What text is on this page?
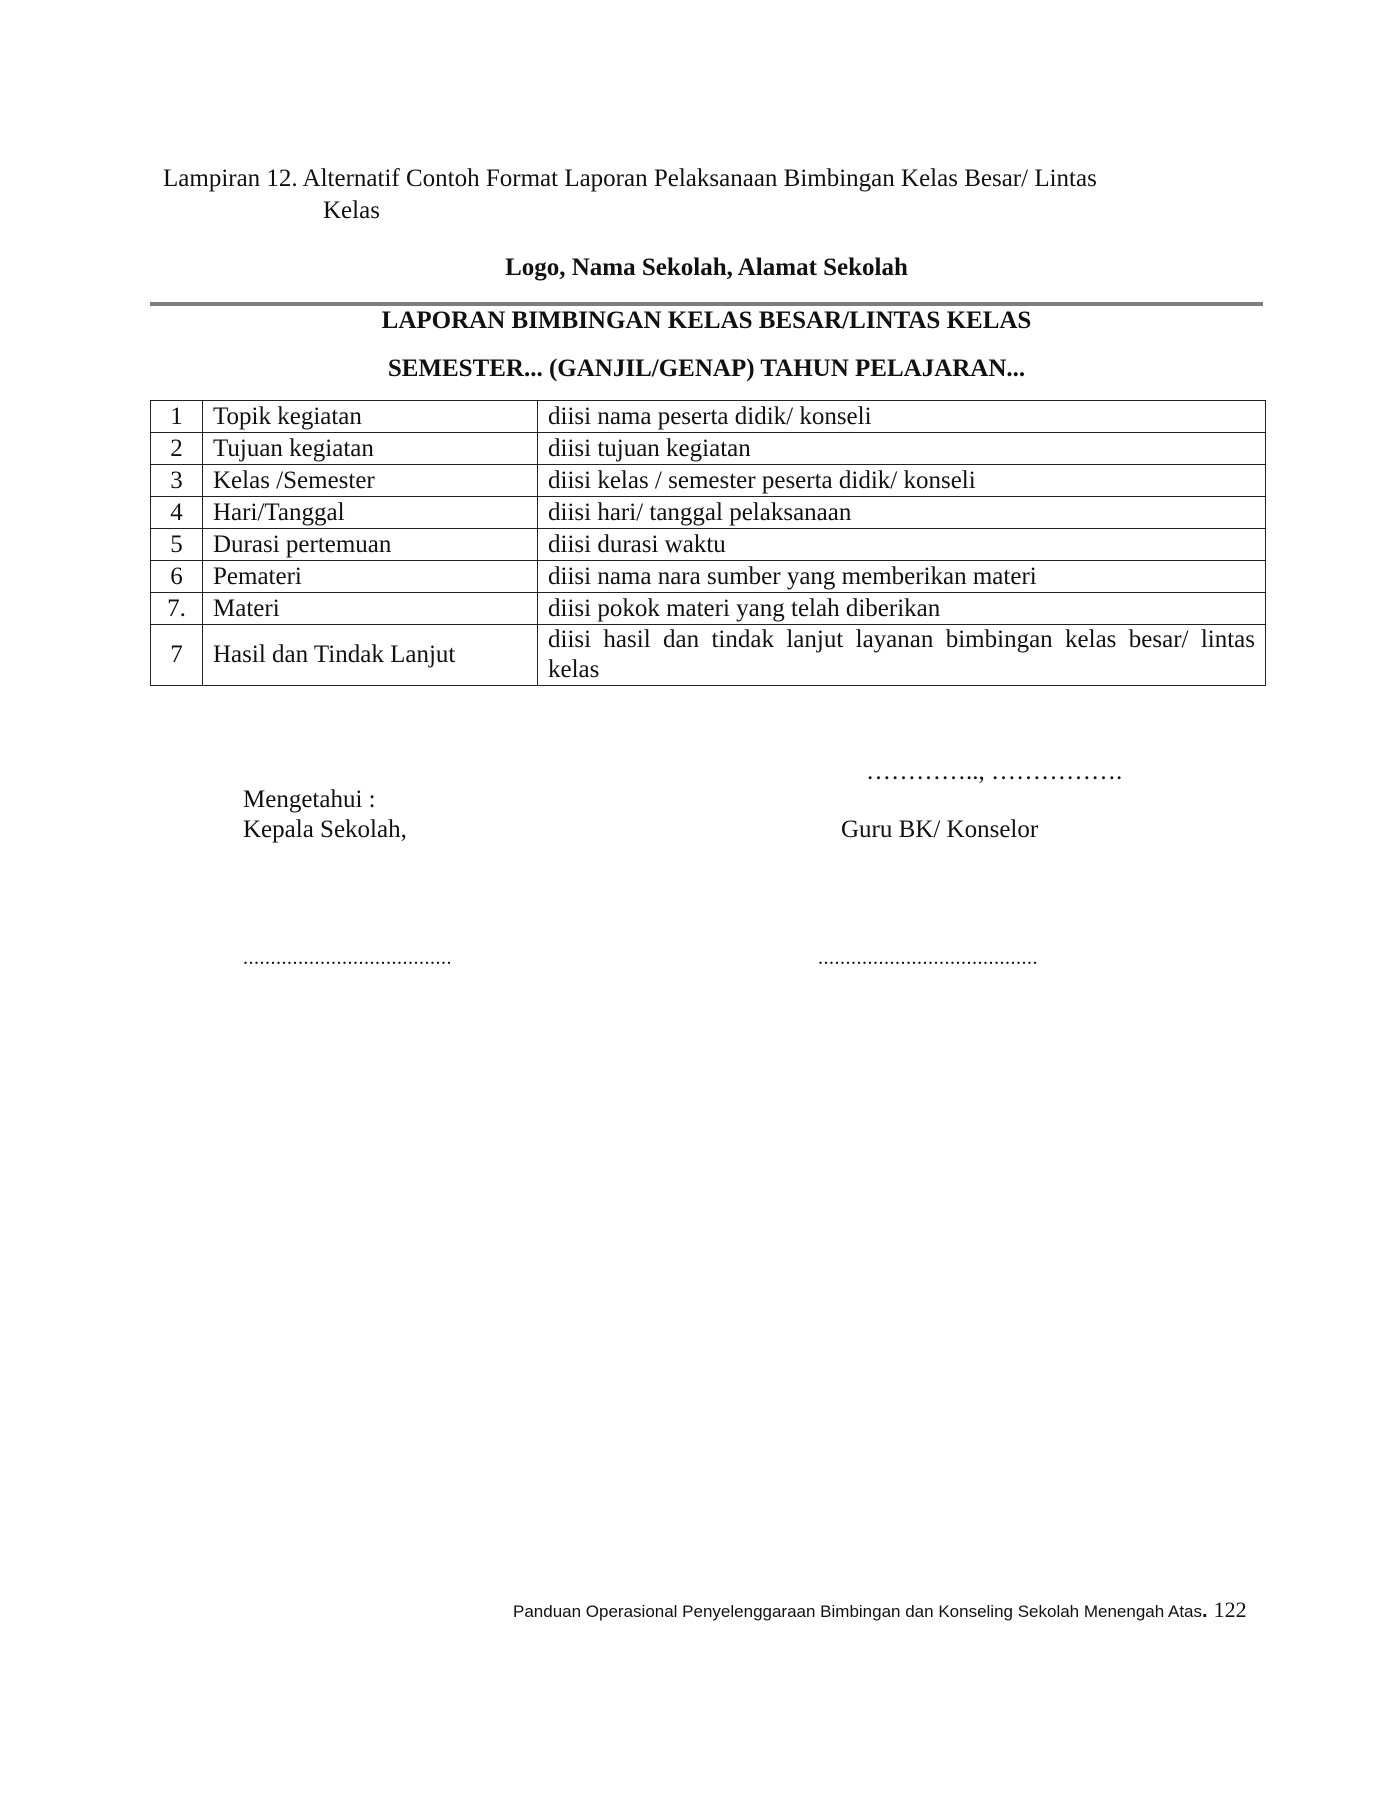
Lampiran 12. Alternatif Contoh Format Laporan Pelaksanaan Bimbingan Kelas Besar/ Lintas
Kelas
Logo, Nama Sekolah, Alamat Sekolah
LAPORAN BIMBINGAN KELAS BESAR/LINTAS KELAS
SEMESTER... (GANJIL/GENAP) TAHUN PELAJARAN...
1	Topik kegiatan	diisi nama peserta didik/ konseli
2	Tujuan kegiatan	diisi tujuan kegiatan
3	Kelas /Semester	diisi kelas / semester peserta didik/ konseli
4	Hari/Tanggal	diisi hari/ tanggal pelaksanaan
5	Durasi pertemuan	diisi durasi waktu
6	Pemateri	diisi nama nara sumber yang memberikan materi
7.	Materi	diisi pokok materi yang telah diberikan
7	Hasil dan Tindak Lanjut	diisi hasil dan tindak lanjut layanan bimbingan kelas besar/ lintas kelas
………….., …………….
Mengetahui :
Kepala Sekolah,	Guru BK/ Konselor
......................................	........................................
Panduan Operasional Penyelenggaraan Bimbingan dan Konseling Sekolah Menengah Atas. 122
